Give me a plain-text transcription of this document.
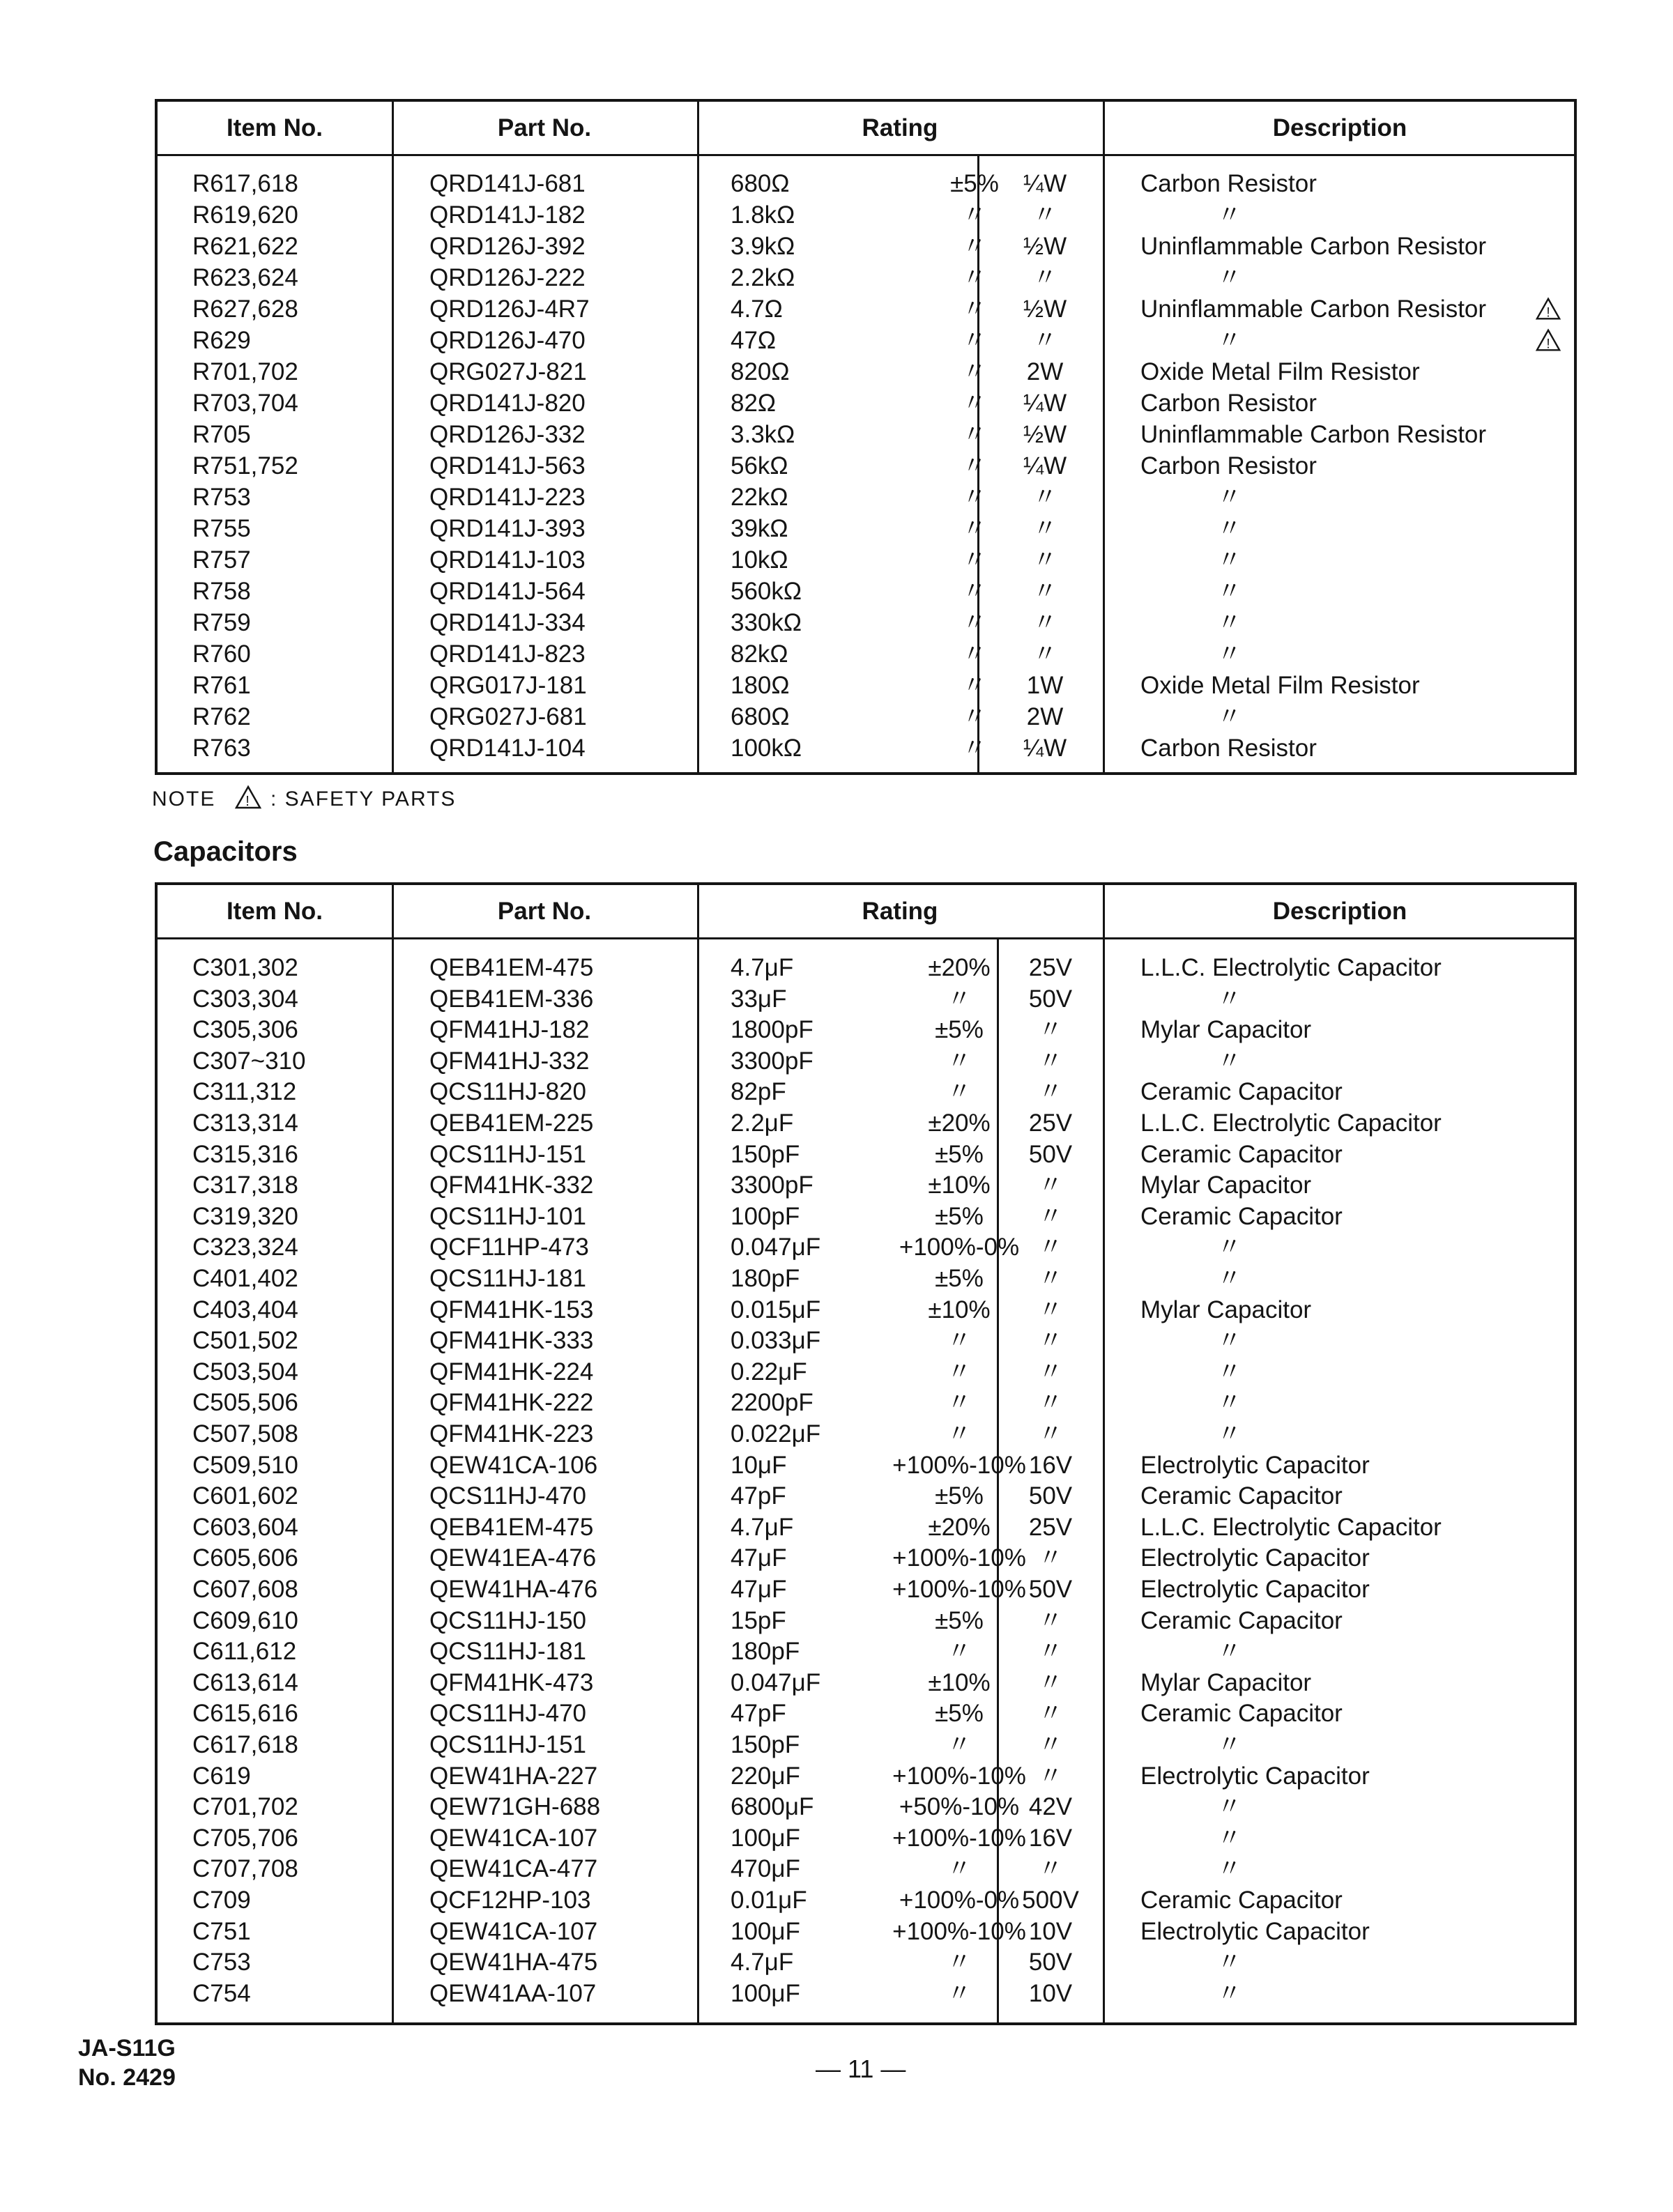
Item No.	Part No.	Rating	Description
R617,618	QRD141J-681	680Ω	±5% ¼W	Carbon Resistor
R619,620	QRD141J-182	1.8kΩ	〃	〃	〃
R621,622	QRD126J-392	3.9kΩ	〃	½W	Uninflammable Carbon Resistor
R623,624	QRD126J-222	2.2kΩ	〃	〃	〃
R627,628	QRD126J-4R7	4.7Ω	〃	½W	Uninflammable Carbon Resistor	!
R629	QRD126J-470	47Ω	〃	〃	〃	!
R701,702	QRG027J-821	820Ω	〃	2W	Oxide Metal Film Resistor
R703,704	QRD141J-820	82Ω	〃	¼W	Carbon Resistor
R705	QRD126J-332	3.3kΩ	〃	½W	Uninflammable Carbon Resistor
R751,752	QRD141J-563	56kΩ	〃	¼W	Carbon Resistor
R753	QRD141J-223	22kΩ	〃	〃	〃
R755	QRD141J-393	39kΩ	〃	〃	〃
R757	QRD141J-103	10kΩ	〃	〃	〃
R758	QRD141J-564	560kΩ	〃	〃	〃
R759	QRD141J-334	330kΩ	〃	〃	〃
R760	QRD141J-823	82kΩ	〃	〃	〃
R761	QRG017J-181	180Ω	〃	1W	Oxide Metal Film Resistor
R762	QRG027J-681	680Ω	〃	2W	〃
R763	QRD141J-104	100kΩ	〃	¼W	Carbon Resistor
NOTE ! : SAFETY PARTS
Capacitors
Item No.	Part No.	Rating	Description
C301,302	QEB41EM-475	4.7μF	±20%	25V	L.L.C. Electrolytic Capacitor
C303,304	QEB41EM-336	33μF	〃	50V	〃
C305,306	QFM41HJ-182	1800pF	±5%	〃	Mylar Capacitor
C307~310	QFM41HJ-332	3300pF	〃	〃	〃
C311,312	QCS11HJ-820	82pF	〃	〃	Ceramic Capacitor
C313,314	QEB41EM-225	2.2μF	±20%	25V	L.L.C. Electrolytic Capacitor
C315,316	QCS11HJ-151	150pF	±5%	50V	Ceramic Capacitor
C317,318	QFM41HK-332	3300pF	±10%	〃	Mylar Capacitor
C319,320	QCS11HJ-101	100pF	±5%	〃	Ceramic Capacitor
C323,324	QCF11HP-473	0.047μF	+100%-0% 〃	〃
C401,402	QCS11HJ-181	180pF	±5%	〃	〃
C403,404	QFM41HK-153	0.015μF	±10%	〃	Mylar Capacitor
C501,502	QFM41HK-333	0.033μF	〃	〃	〃
C503,504	QFM41HK-224	0.22μF	〃	〃	〃
C505,506	QFM41HK-222	2200pF	〃	〃	〃
C507,508	QFM41HK-223	0.022μF	〃	〃	〃
C509,510	QEW41CA-106	10μF	+100%-10% 16V	Electrolytic Capacitor
C601,602	QCS11HJ-470	47pF	±5%	50V	Ceramic Capacitor
C603,604	QEB41EM-475	4.7μF	±20%	25V	L.L.C. Electrolytic Capacitor
C605,606	QEW41EA-476	47μF	+100%-10% 〃	Electrolytic Capacitor
C607,608	QEW41HA-476	47μF	+100%-10% 50V	Electrolytic Capacitor
C609,610	QCS11HJ-150	15pF	±5%	〃	Ceramic Capacitor
C611,612	QCS11HJ-181	180pF	〃	〃	〃
C613,614	QFM41HK-473	0.047μF	±10%	〃	Mylar Capacitor
C615,616	QCS11HJ-470	47pF	±5%	〃	Ceramic Capacitor
C617,618	QCS11HJ-151	150pF	〃	〃	〃
C619	QEW41HA-227	220μF	+100%-10% 〃	Electrolytic Capacitor
C701,702	QEW71GH-688	6800μF	+50%-10% 42V	〃
C705,706	QEW41CA-107	100μF	+100%-10% 16V	〃
C707,708	QEW41CA-477	470μF	〃	〃	〃
C709	QCF12HP-103	0.01μF	+100%-0% 500V	Ceramic Capacitor
C751	QEW41CA-107	100μF	+100%-10% 10V	Electrolytic Capacitor
C753	QEW41HA-475	4.7μF	〃	50V	〃
C754	QEW41AA-107	100μF	〃	10V	〃
JA-S11G
No. 2429	— 11 —
